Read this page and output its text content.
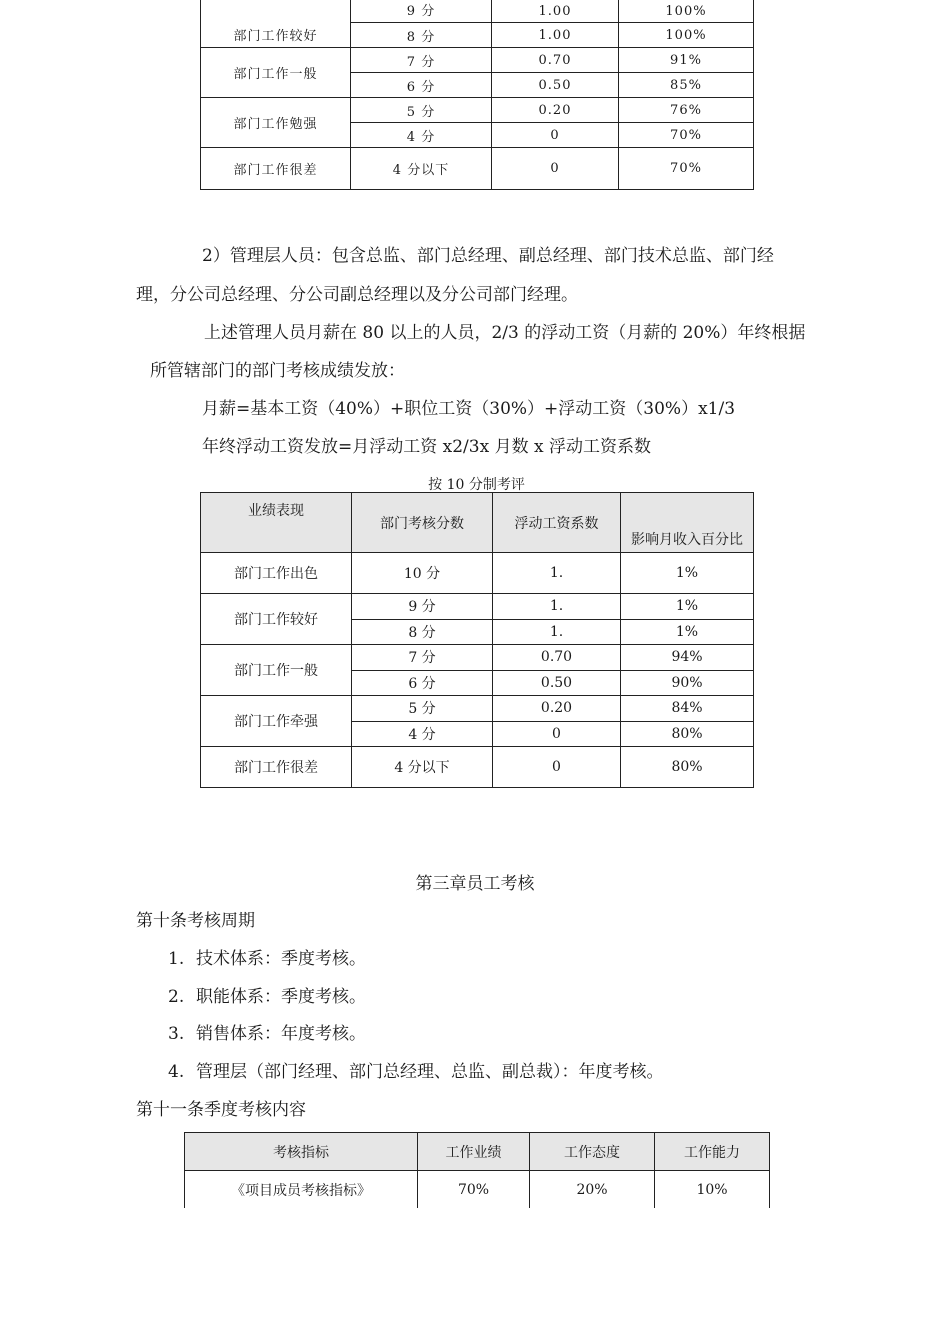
部门工作较好	9 分	1.00	100%
	8 分	1.00	100%
部门工作一般	7 分	0.70	91%
	6 分	0.50	85%
部门工作勉强	5 分	0.20	76%
	4 分	0	70%
部门工作很差	4 分以下	0	70%
2）管理层人员：包含总监、部门总经理、副总经理、部门技术总监、部门经
理，分公司总经理、分公司副总经理以及分公司部门经理。
上述管理人员月薪在 80 以上的人员，2/3 的浮动工资（月薪的 20%）年终根据
所管辖部门的部门考核成绩发放：
月薪=基本工资（40%）+职位工资（30%）+浮动工资（30%）x1/3
年终浮动工资发放=月浮动工资 x2/3x 月数 x 浮动工资系数
按 10 分制考评
业绩表现	部门考核分数	浮动工资系数	影响月收入百分比
部门工作出色	10 分	1.	1%
部门工作较好	9 分	1.	1%
	8 分	1.	1%
部门工作一般	7 分	0.70	94%
	6 分	0.50	90%
部门工作牵强	5 分	0.20	84%
	4 分	0	80%
部门工作很差	4 分以下	0	80%
第三章员工考核
第十条考核周期
1. 技术体系：季度考核。
2. 职能体系：季度考核。
3. 销售体系：年度考核。
4. 管理层（部门经理、部门总经理、总监、副总裁）：年度考核。
第十一条季度考核内容
考核指标	工作业绩	工作态度	工作能力
《项目成员考核指标》	70%	20%	10%
